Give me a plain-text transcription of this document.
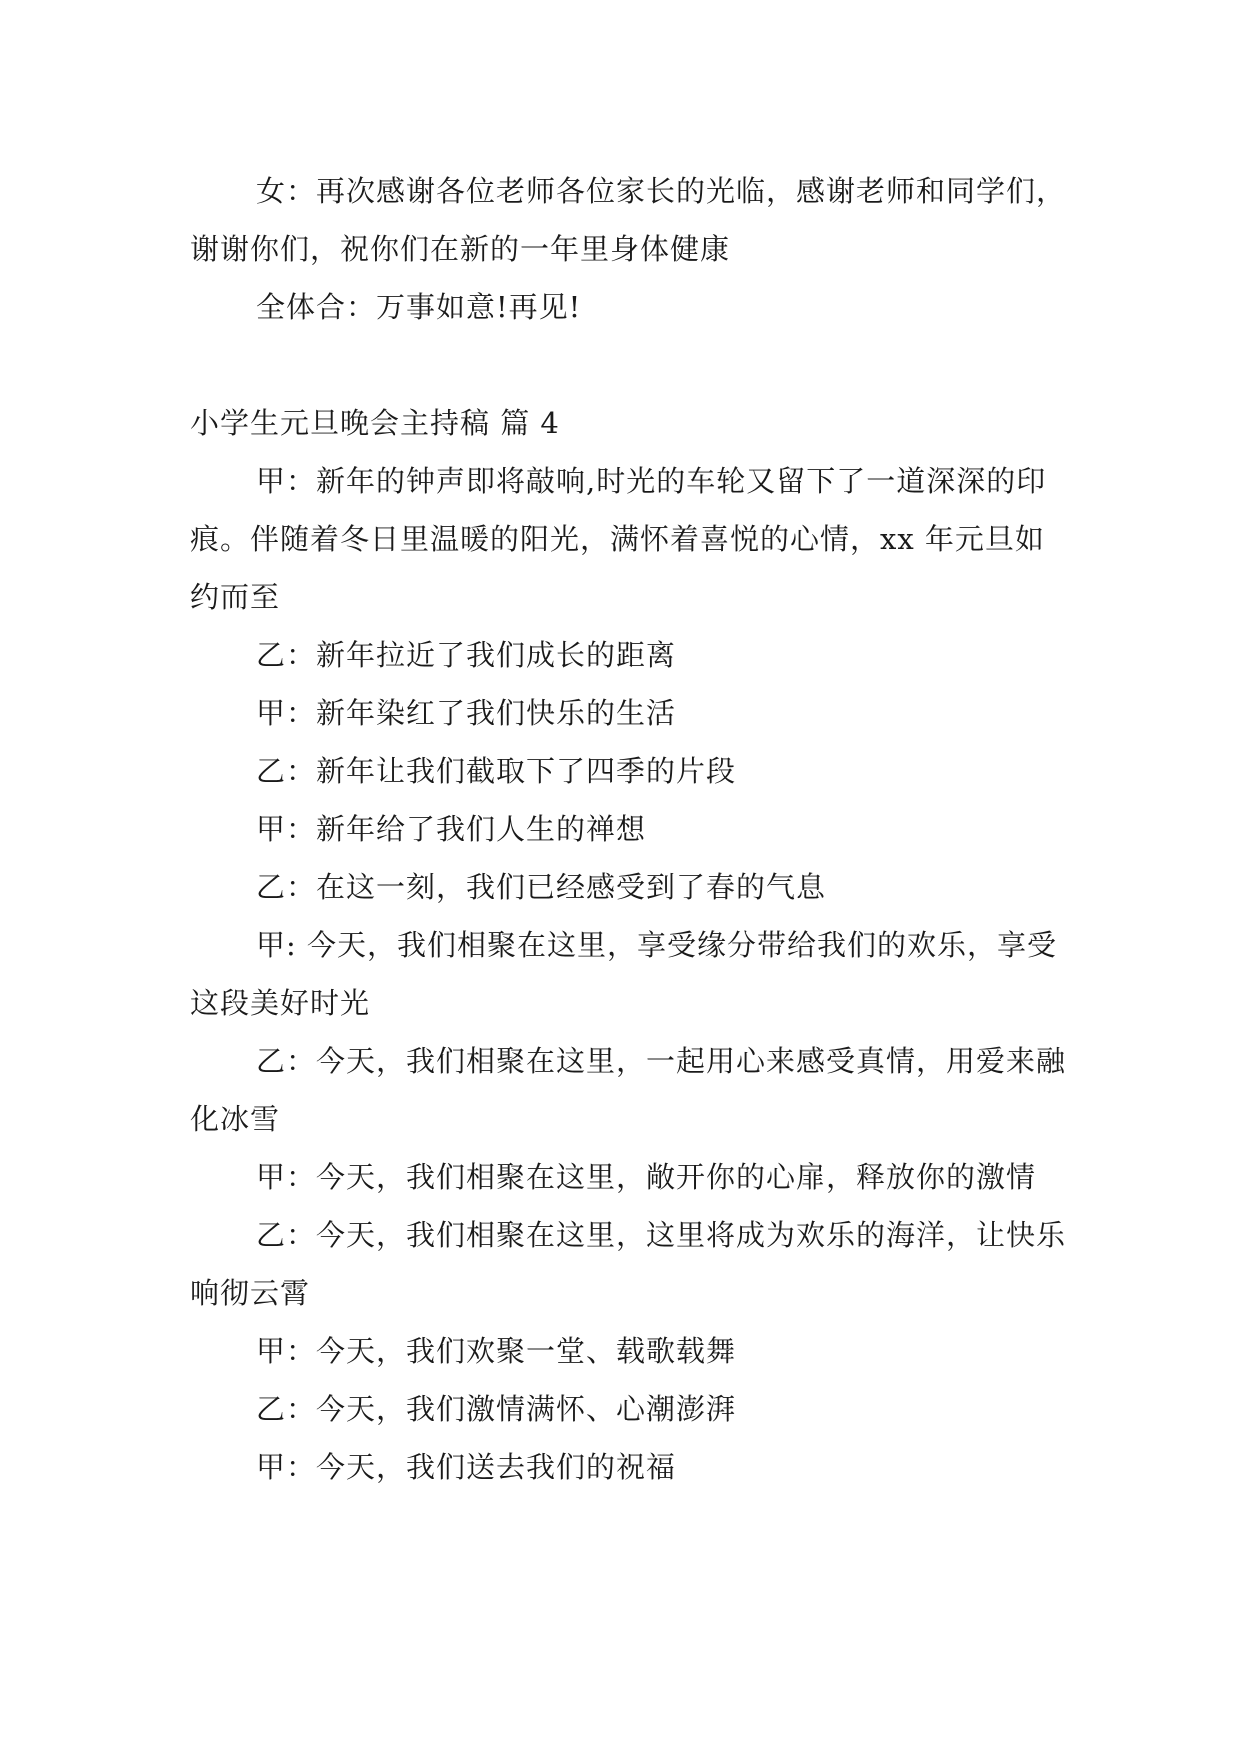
女：再次感谢各位老师各位家长的光临，感谢老师和同学们，谢谢你们，祝你们在新的一年里身体健康

全体合：万事如意!再见!

小学生元旦晚会主持稿 篇 4

甲：新年的钟声即将敲响,时光的车轮又留下了一道深深的印痕。伴随着冬日里温暖的阳光，满怀着喜悦的心情，xx 年元旦如约而至

乙：新年拉近了我们成长的距离

甲：新年染红了我们快乐的生活

乙：新年让我们截取下了四季的片段

甲：新年给了我们人生的禅想

乙：在这一刻，我们已经感受到了春的气息

甲: 今天，我们相聚在这里，享受缘分带给我们的欢乐，享受这段美好时光

乙：今天，我们相聚在这里，一起用心来感受真情，用爱来融化冰雪

甲：今天，我们相聚在这里，敞开你的心扉，释放你的激情

乙：今天，我们相聚在这里，这里将成为欢乐的海洋，让快乐响彻云霄

甲：今天，我们欢聚一堂、载歌载舞

乙：今天，我们激情满怀、心潮澎湃

甲：今天，我们送去我们的祝福
